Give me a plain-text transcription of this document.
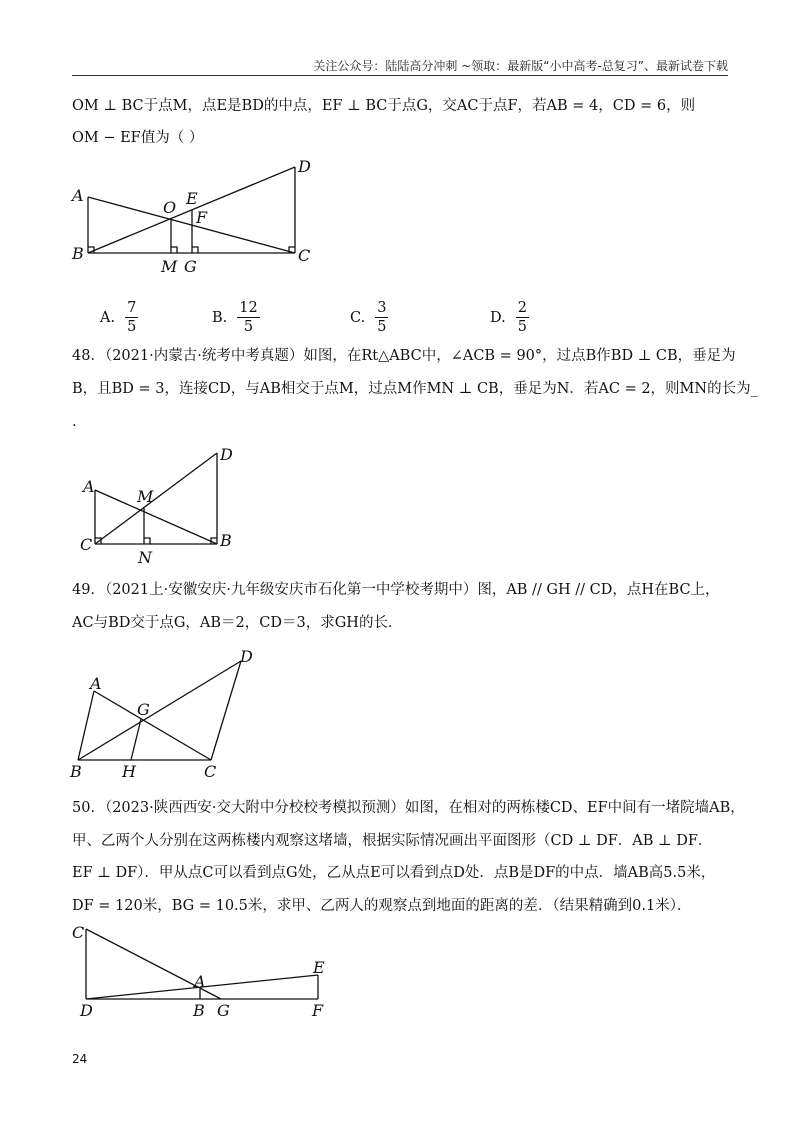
关注公众号：陆陆高分冲刺 ~领取：最新版“小中高考-总复习”、最新试卷下载
OM ⊥ BC于点M，点E是BD的中点，EF ⊥ BC于点G，交AC于点F，若AB = 4，CD = 6，则
OM − EF值为（ ）
A
B	C
D
O E
F
M G
A. $\frac{7}{5}$	B. $\frac{12}{5}$	C. $\frac{3}{5}$	D. $\frac{2}{5}$
48．（2021·内蒙古·统考中考真题）如图，在Rt△ABC中，∠ACB = 90°，过点B作BD ⊥ CB，垂足为
B，且BD = 3，连接CD，与AB相交于点M，过点M作MN ⊥ CB，垂足为N．若AC = 2，则MN的长为_
.
A
C	B
D
M
N
49．（2021上·安徽安庆·九年级安庆市石化第一中学校考期中）图，AB // GH // CD，点H在BC上，
AC与BD交于点G，AB＝2，CD＝3，求GH的长．
A
B	C
D
G
H
50．（2023·陕西西安·交大附中分校校考模拟预测）如图，在相对的两栋楼CD、EF中间有一堵院墙AB，
甲、乙两个人分别在这两栋楼内观察这堵墙，根据实际情况画出平面图形（CD ⊥ DF．AB ⊥ DF．
EF ⊥ DF）．甲从点C可以看到点G处，乙从点E可以看到点D处．点B是DF的中点．墙AB高5.5米，
DF = 120米，BG = 10.5米，求甲、乙两人的观察点到地面的距离的差．（结果精确到0.1米）．
C
D
A
B G
E
F
24
